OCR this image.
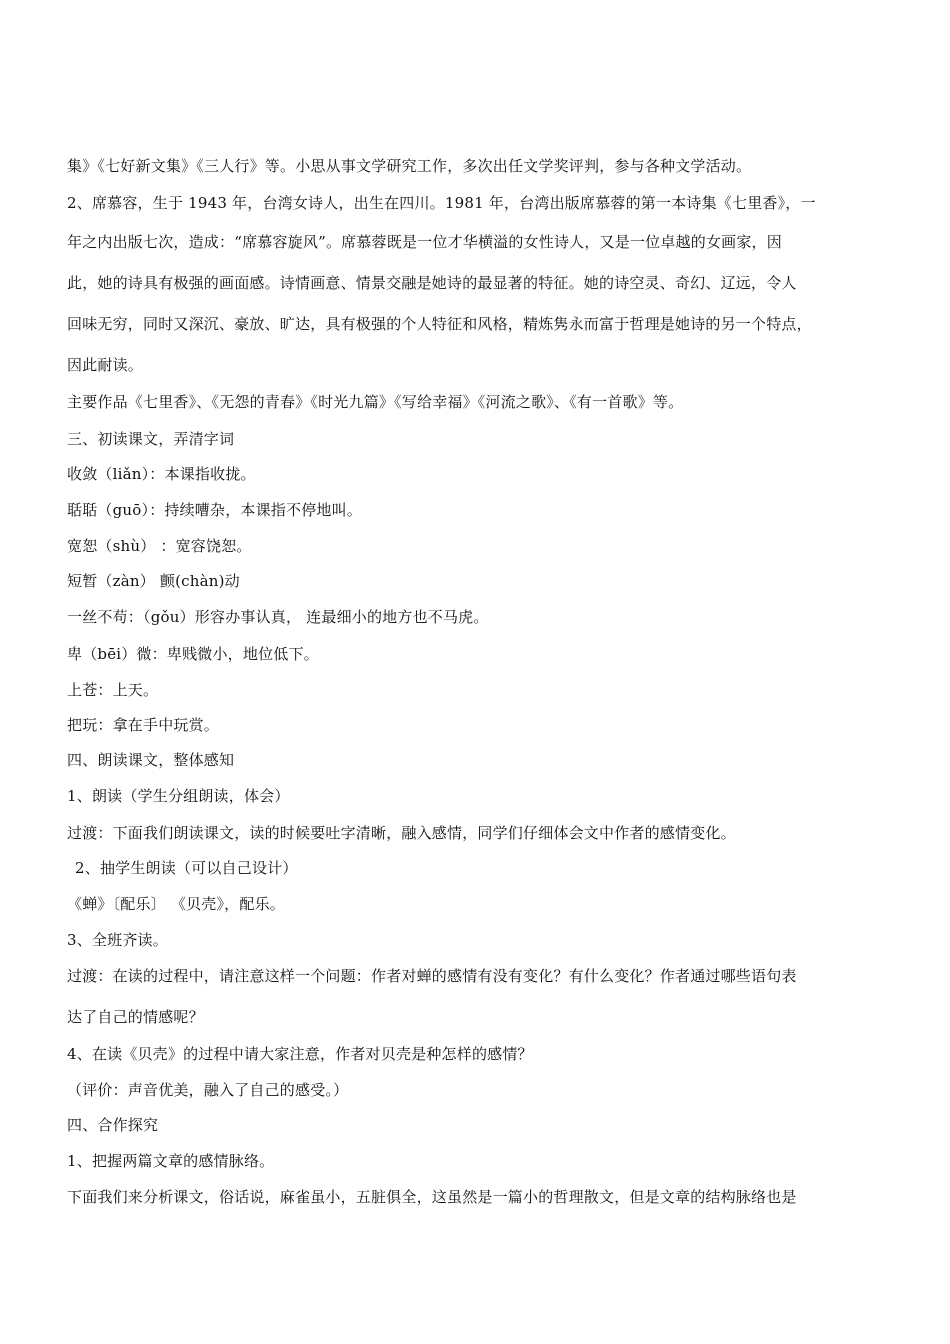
集》《七好新文集》《三人行》等。小思从事文学研究工作，多次出任文学奖评判，参与各种文学活动。
2、席慕容，生于 1943 年，台湾女诗人，出生在四川。1981 年，台湾出版席慕蓉的第一本诗集《七里香》，一
年之内出版七次，造成：“席慕容旋风”。席慕蓉既是一位才华横溢的女性诗人，又是一位卓越的女画家，因
此，她的诗具有极强的画面感。诗情画意、情景交融是她诗的最显著的特征。她的诗空灵、奇幻、辽远，令人
回味无穷，同时又深沉、豪放、旷达，具有极强的个人特征和风格，精炼隽永而富于哲理是她诗的另一个特点，
因此耐读。
主要作品《七里香》、《无怨的青春》《时光九篇》《写给幸福》《河流之歌》、《有一首歌》等。
三、初读课文，弄清字词
收敛（liǎn）：本课指收拢。
聒聒（guō）：持续嘈杂，本课指不停地叫。
宽恕（shù） ：宽容饶恕。
短暂（zàn） 颤(chàn)动
一丝不苟：（gǒu）形容办事认真， 连最细小的地方也不马虎。
卑（bēi）微：卑贱微小，地位低下。
上苍：上天。
把玩：拿在手中玩赏。
四、朗读课文，整体感知
1、朗读（学生分组朗读，体会）
过渡：下面我们朗读课文，读的时候要吐字清晰，融入感情，同学们仔细体会文中作者的感情变化。
2、抽学生朗读（可以自己设计）
《蝉》〔配乐〕 《贝壳》，配乐。
3、全班齐读。
过渡：在读的过程中，请注意这样一个问题：作者对蝉的感情有没有变化？有什么变化？作者通过哪些语句表
达了自己的情感呢？
4、在读《贝壳》的过程中请大家注意，作者对贝壳是种怎样的感情？
（评价：声音优美，融入了自己的感受。）
四、合作探究
1、把握两篇文章的感情脉络。
下面我们来分析课文，俗话说，麻雀虽小，五脏俱全，这虽然是一篇小的哲理散文，但是文章的结构脉络也是
